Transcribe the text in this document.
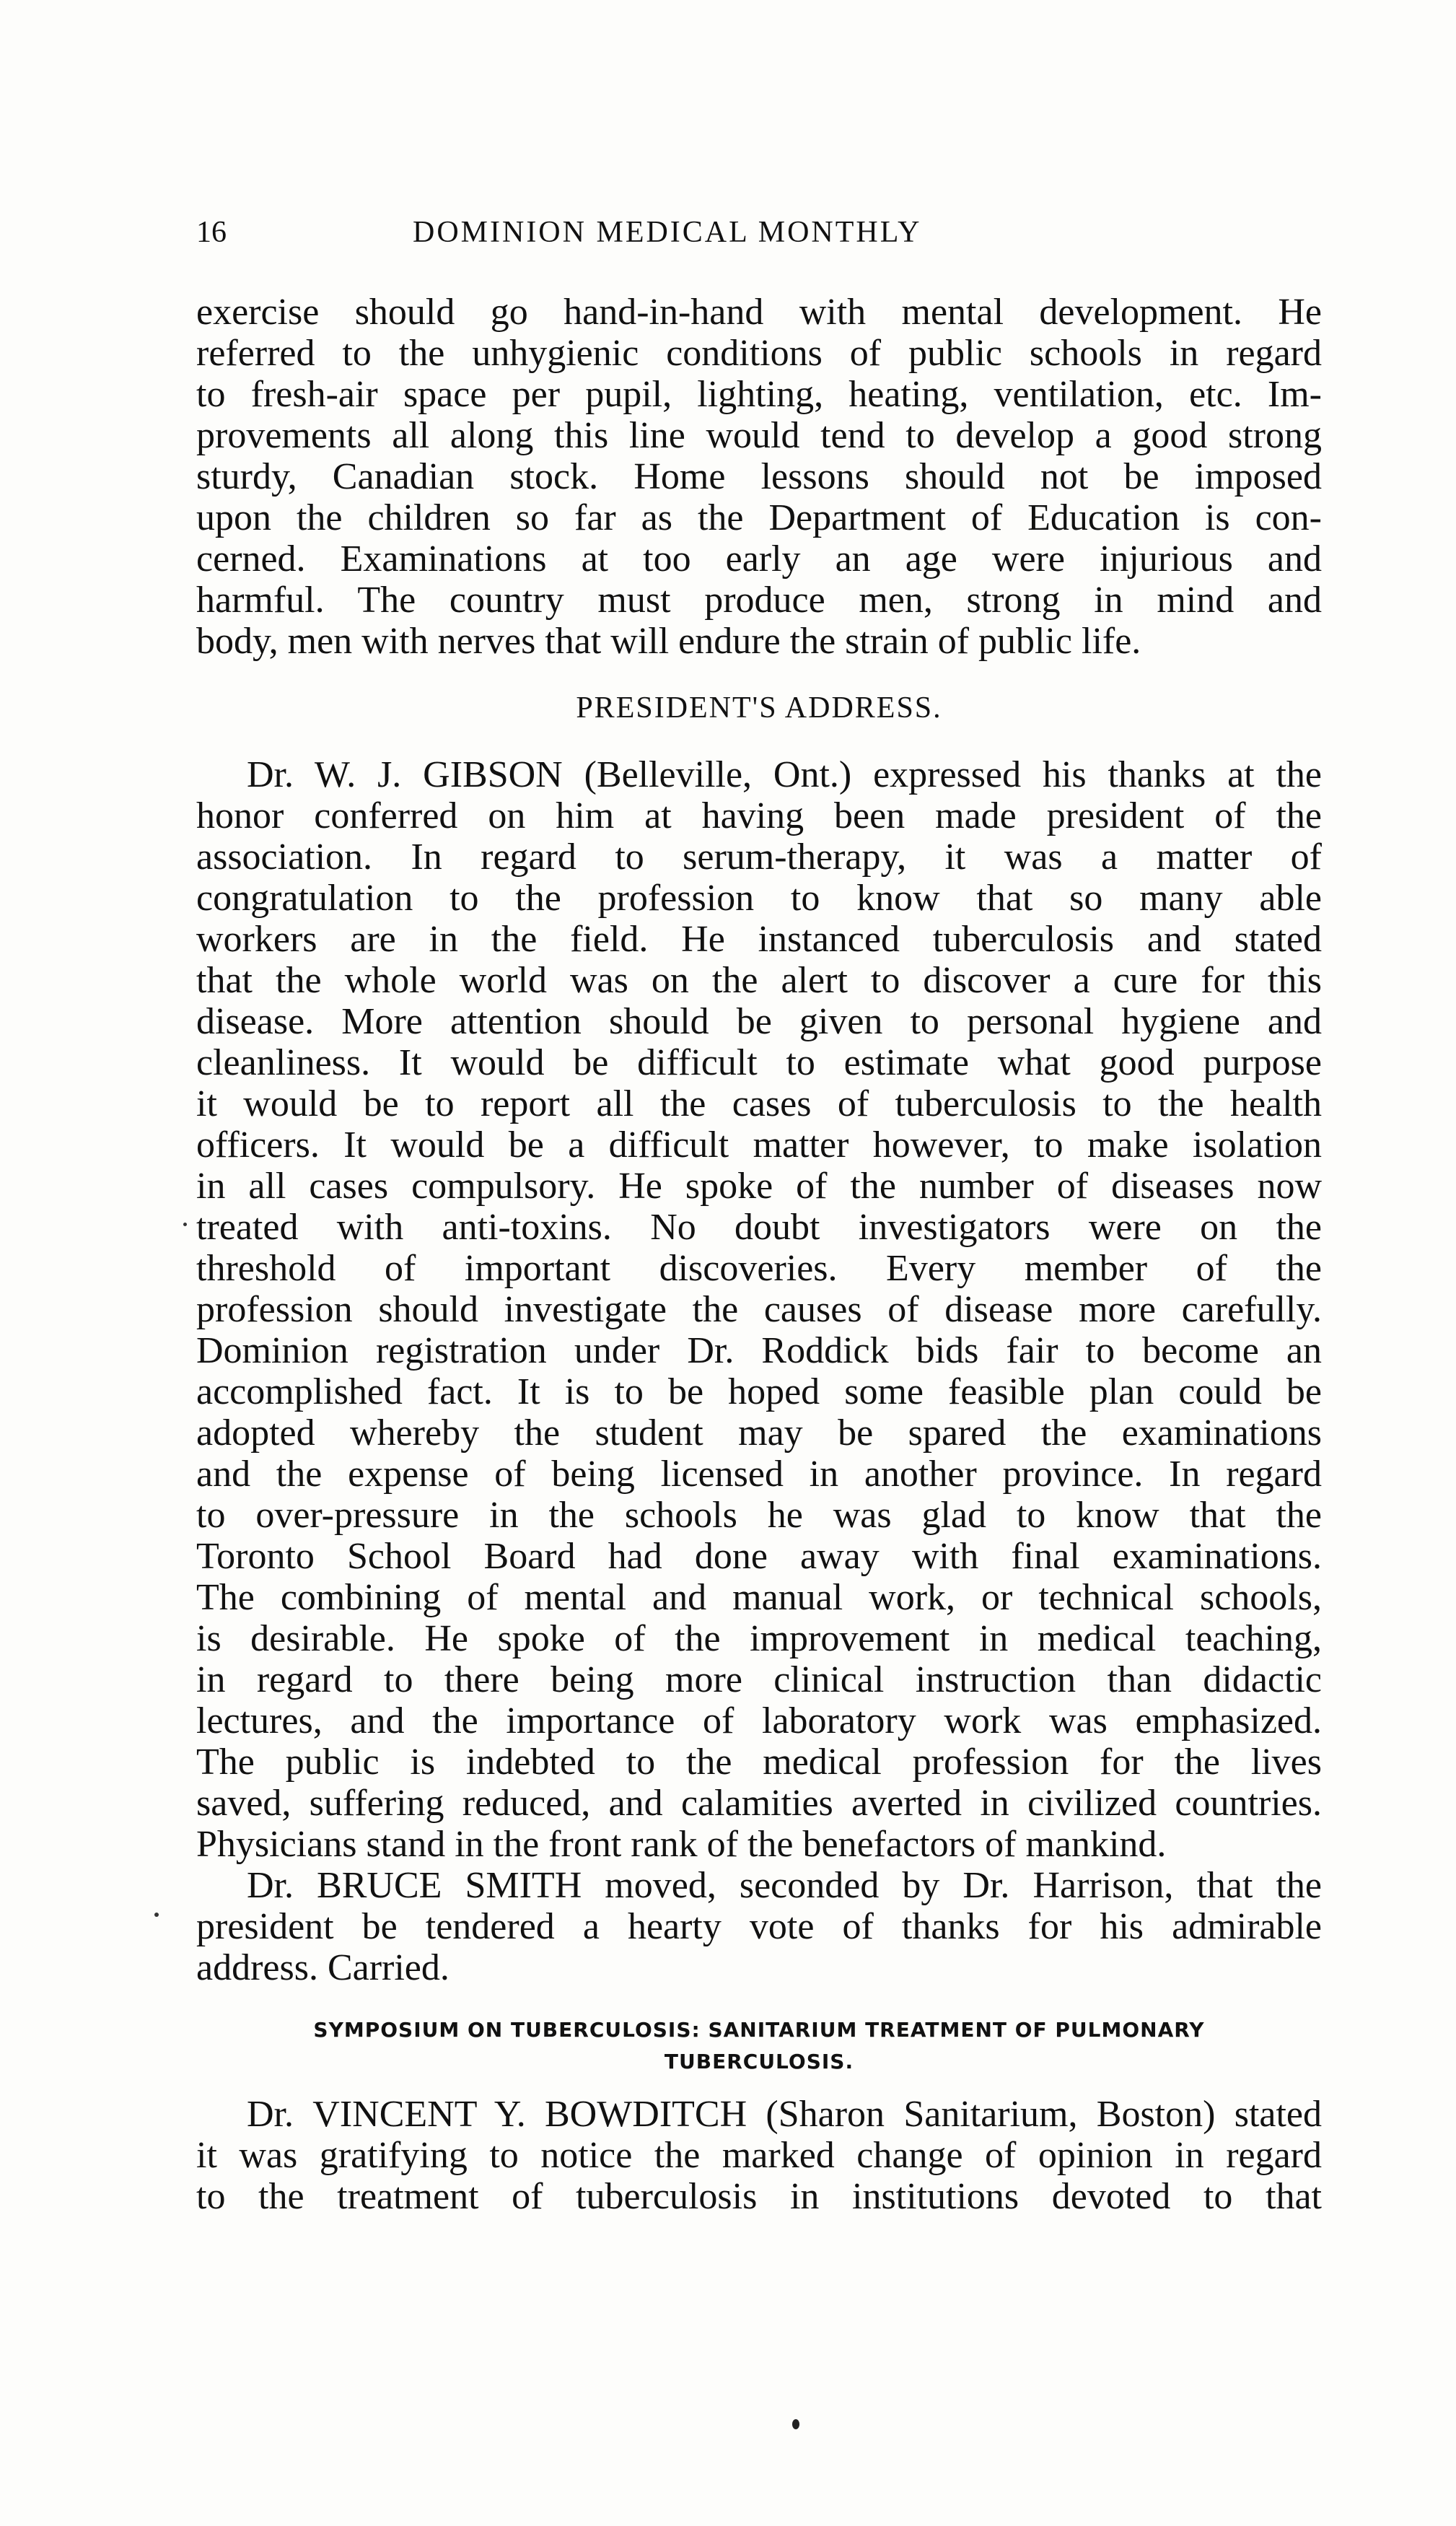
16	DOMINION MEDICAL MONTHLY
exercise should go hand-in-hand with mental development. He
referred to the unhygienic conditions of public schools in regard
to fresh-air space per pupil, lighting, heating, ventilation, etc. Im-
provements all along this line would tend to develop a good strong
sturdy, Canadian stock. Home lessons should not be imposed
upon the children so far as the Department of Education is con-
cerned. Examinations at too early an age were injurious and
harmful. The country must produce men, strong in mind and
body, men with nerves that will endure the strain of public life.
PRESIDENT'S ADDRESS.
Dr. W. J. GIBSON (Belleville, Ont.) expressed his thanks at the
honor conferred on him at having been made president of the
association. In regard to serum-therapy, it was a matter of
congratulation to the profession to know that so many able
workers are in the field. He instanced tuberculosis and stated
that the whole world was on the alert to discover a cure for this
disease. More attention should be given to personal hygiene and
cleanliness. It would be difficult to estimate what good purpose
it would be to report all the cases of tuberculosis to the health
officers. It would be a difficult matter however, to make isolation
in all cases compulsory. He spoke of the number of diseases now
treated with anti-toxins. No doubt investigators were on the
threshold of important discoveries. Every member of the
profession should investigate the causes of disease more carefully.
Dominion registration under Dr. Roddick bids fair to become an
accomplished fact. It is to be hoped some feasible plan could be
adopted whereby the student may be spared the examinations
and the expense of being licensed in another province. In regard
to over-pressure in the schools he was glad to know that the
Toronto School Board had done away with final examinations.
The combining of mental and manual work, or technical schools,
is desirable. He spoke of the improvement in medical teaching,
in regard to there being more clinical instruction than didactic
lectures, and the importance of laboratory work was emphasized.
The public is indebted to the medical profession for the lives
saved, suffering reduced, and calamities averted in civilized countries.
Physicians stand in the front rank of the benefactors of mankind.
Dr. BRUCE SMITH moved, seconded by Dr. Harrison, that the
president be tendered a hearty vote of thanks for his admirable
address. Carried.
SYMPOSIUM ON TUBERCULOSIS: SANITARIUM TREATMENT OF PULMONARY
TUBERCULOSIS.
Dr. VINCENT Y. BOWDITCH (Sharon Sanitarium, Boston) stated
it was gratifying to notice the marked change of opinion in regard
to the treatment of tuberculosis in institutions devoted to that
